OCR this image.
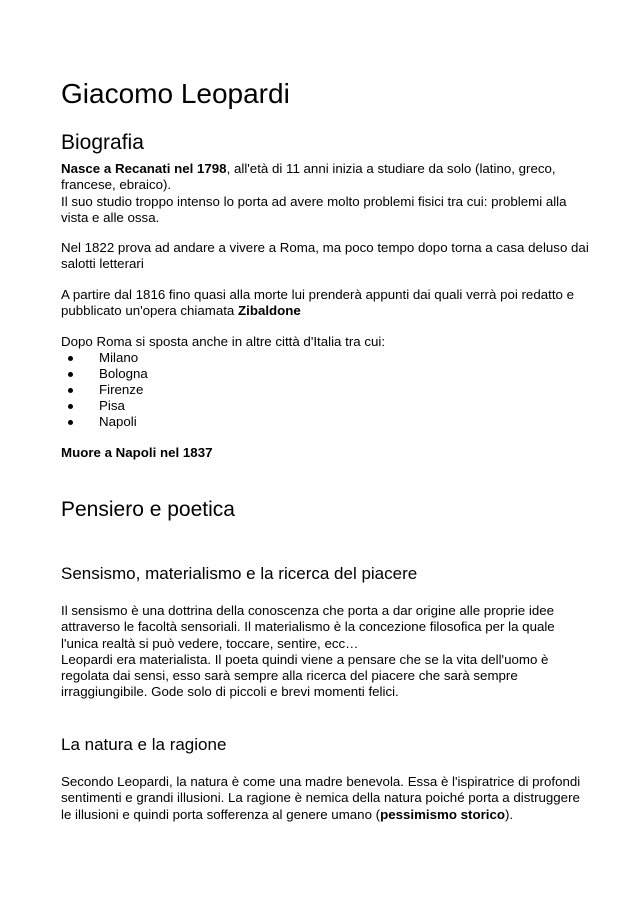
Giacomo Leopardi
Biografia

Nasce a Recanati nel 1798, all'età di 11 anni inizia a studiare da solo (latino, greco, francese, ebraico).
Il suo studio troppo intenso lo porta ad avere molto problemi fisici tra cui: problemi alla vista e alle ossa.

Nel 1822 prova ad andare a vivere a Roma, ma poco tempo dopo torna a casa deluso dai salotti letterari

A partire dal 1816 fino quasi alla morte lui prenderà appunti dai quali verrà poi redatto e pubblicato un'opera chiamata Zibaldone

Dopo Roma si sposta anche in altre città d'Italia tra cui:

Milano
Bologna
Firenze
Pisa
Napoli

Muore a Napoli nel 1837

Pensiero e poetica
Sensismo, materialismo e la ricerca del piacere

Il sensismo è una dottrina della conoscenza che porta a dar origine alle proprie idee attraverso le facoltà sensoriali. Il materialismo è la concezione filosofica per la quale l'unica realtà si può vedere, toccare, sentire, ecc…
Leopardi era materialista. Il poeta quindi viene a pensare che se la vita dell'uomo è regolata dai sensi, esso sarà sempre alla ricerca del piacere che sarà sempre irraggiungibile. Gode solo di piccoli e brevi momenti felici.

La natura e la ragione

Secondo Leopardi, la natura è come una madre benevola. Essa è l'ispiratrice di profondi sentimenti e grandi illusioni. La ragione è nemica della natura poiché porta a distruggere le illusioni e quindi porta sofferenza al genere umano (pessimismo storico).
